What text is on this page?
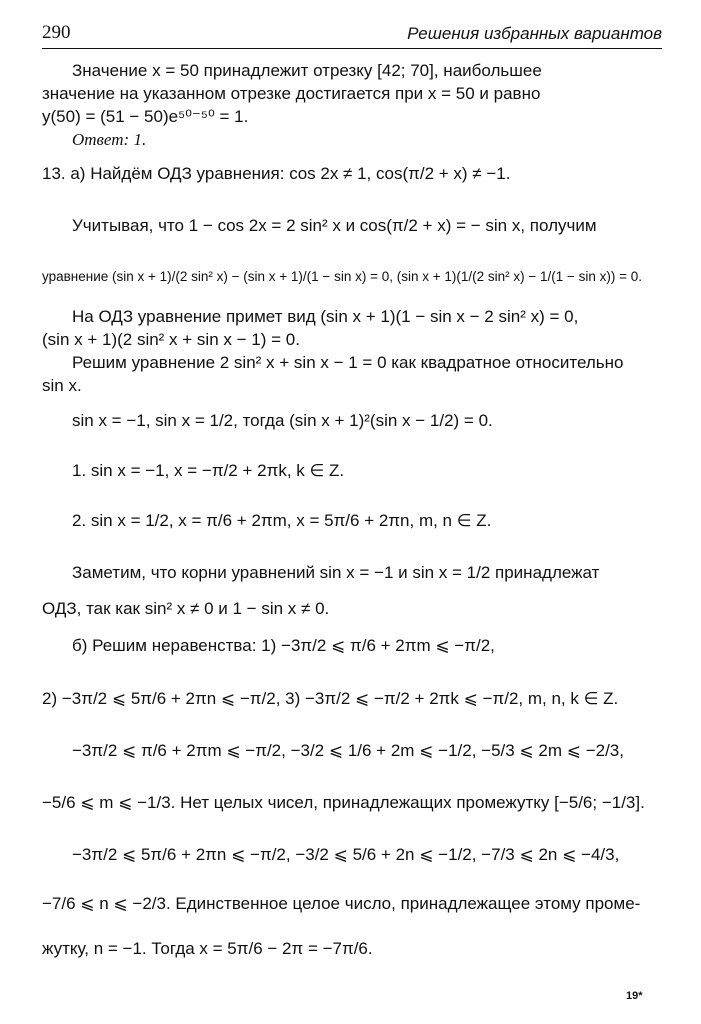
290	Решения избранных вариантов
Значение x = 50 принадлежит отрезку [42; 70], наибольшее
значение на указанном отрезке достигается при x = 50 и равно
y(50) = (51 − 50)e⁵⁰⁻⁵⁰ = 1.
Ответ: 1.
13. а) Найдём ОДЗ уравнения: cos 2x ≠ 1, cos(π/2 + x) ≠ −1.
Учитывая, что 1 − cos 2x = 2 sin² x и cos(π/2 + x) = − sin x, получим
уравнение (sin x + 1)/(2 sin² x) − (sin x + 1)/(1 − sin x) = 0, (sin x + 1)(1/(2 sin² x) − 1/(1 − sin x)) = 0.
На ОДЗ уравнение примет вид (sin x + 1)(1 − sin x − 2 sin² x) = 0,
(sin x + 1)(2 sin² x + sin x − 1) = 0.
Решим уравнение 2 sin² x + sin x − 1 = 0 как квадратное относительно
sin x.
sin x = −1, sin x = 1/2, тогда (sin x + 1)²(sin x − 1/2) = 0.
1. sin x = −1, x = −π/2 + 2πk, k ∈ Z.
2. sin x = 1/2, x = π/6 + 2πm, x = 5π/6 + 2πn, m, n ∈ Z.
Заметим, что корни уравнений sin x = −1 и sin x = 1/2 принадлежат
ОДЗ, так как sin² x ≠ 0 и 1 − sin x ≠ 0.
б) Решим неравенства: 1) −3π/2 ⩽ π/6 + 2πm ⩽ −π/2,
2) −3π/2 ⩽ 5π/6 + 2πn ⩽ −π/2, 3) −3π/2 ⩽ −π/2 + 2πk ⩽ −π/2, m, n, k ∈ Z.
−3π/2 ⩽ π/6 + 2πm ⩽ −π/2, −3/2 ⩽ 1/6 + 2m ⩽ −1/2, −5/3 ⩽ 2m ⩽ −2/3,
−5/6 ⩽ m ⩽ −1/3. Нет целых чисел, принадлежащих промежутку [−5/6; −1/3].
−3π/2 ⩽ 5π/6 + 2πn ⩽ −π/2, −3/2 ⩽ 5/6 + 2n ⩽ −1/2, −7/3 ⩽ 2n ⩽ −4/3,
−7/6 ⩽ n ⩽ −2/3. Единственное целое число, принадлежащее этому проме-
жутку, n = −1. Тогда x = 5π/6 − 2π = −7π/6.
19*
